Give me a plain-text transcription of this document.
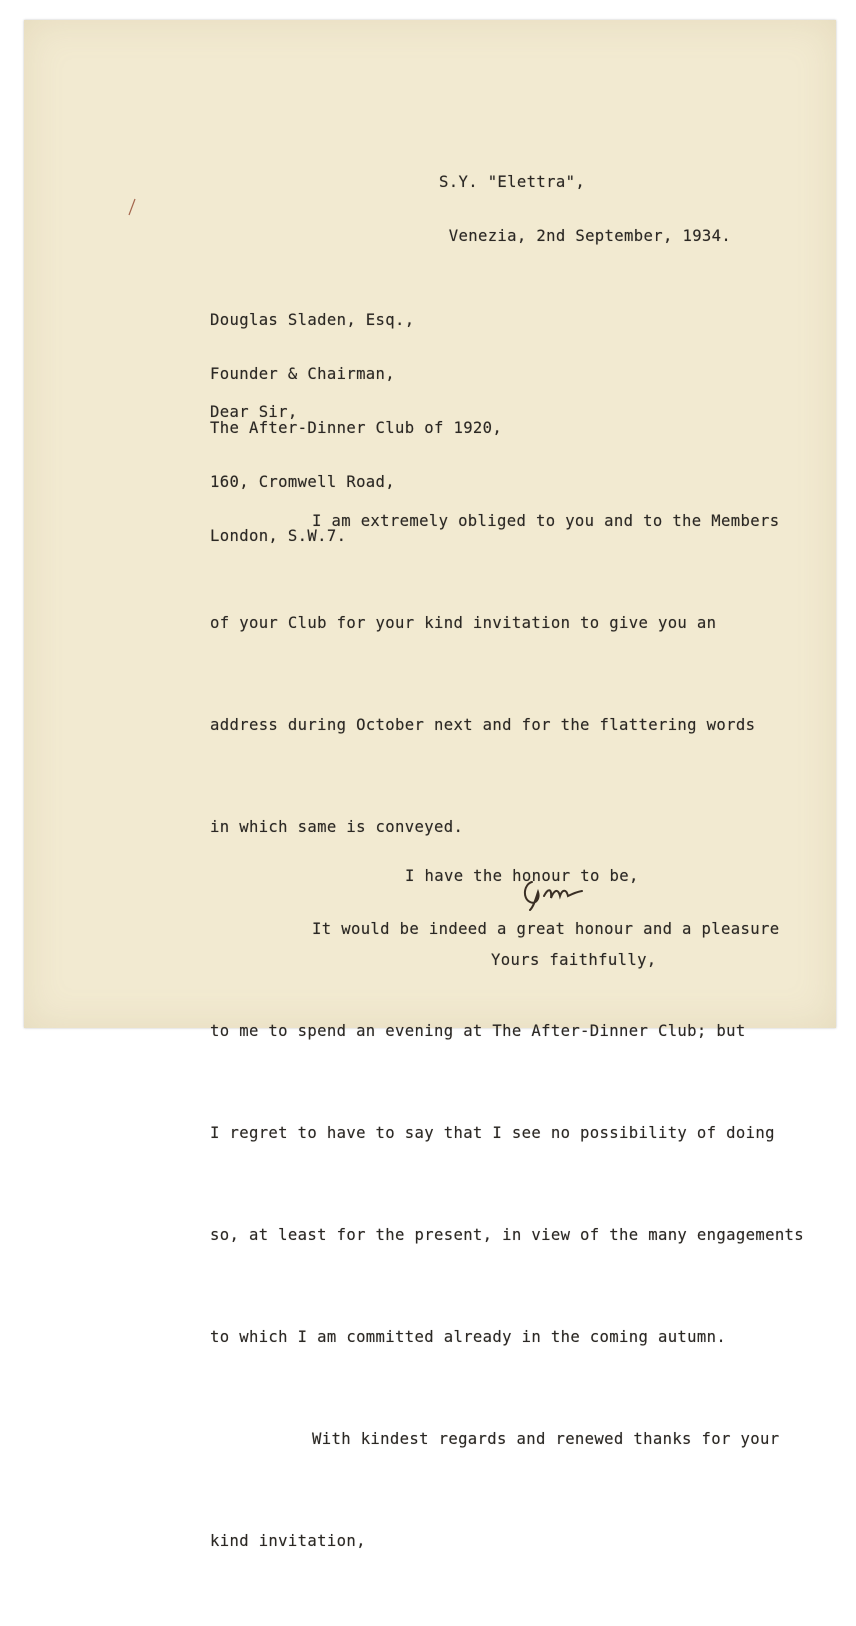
S.Y. "Elettra",

Venezia, 2nd September, 1934.

Douglas Sladen, Esq.,

Founder & Chairman,

The After-Dinner Club of 1920,

160, Cromwell Road,

London, S.W.7.

Dear Sir,

I am extremely obliged to you and to the Members

of your Club for your kind invitation to give you an

address during October next and for the flattering words

in which same is conveyed.

It would be indeed a great honour and a pleasure

to me to spend an evening at The After-Dinner Club; but

I regret to have to say that I see no possibility of doing

so, at least for the present, in view of the many engagements

to which I am committed already in the coming autumn.

With kindest regards and renewed thanks for your

kind invitation,

I have the honour to be,

Yours faithfully,
